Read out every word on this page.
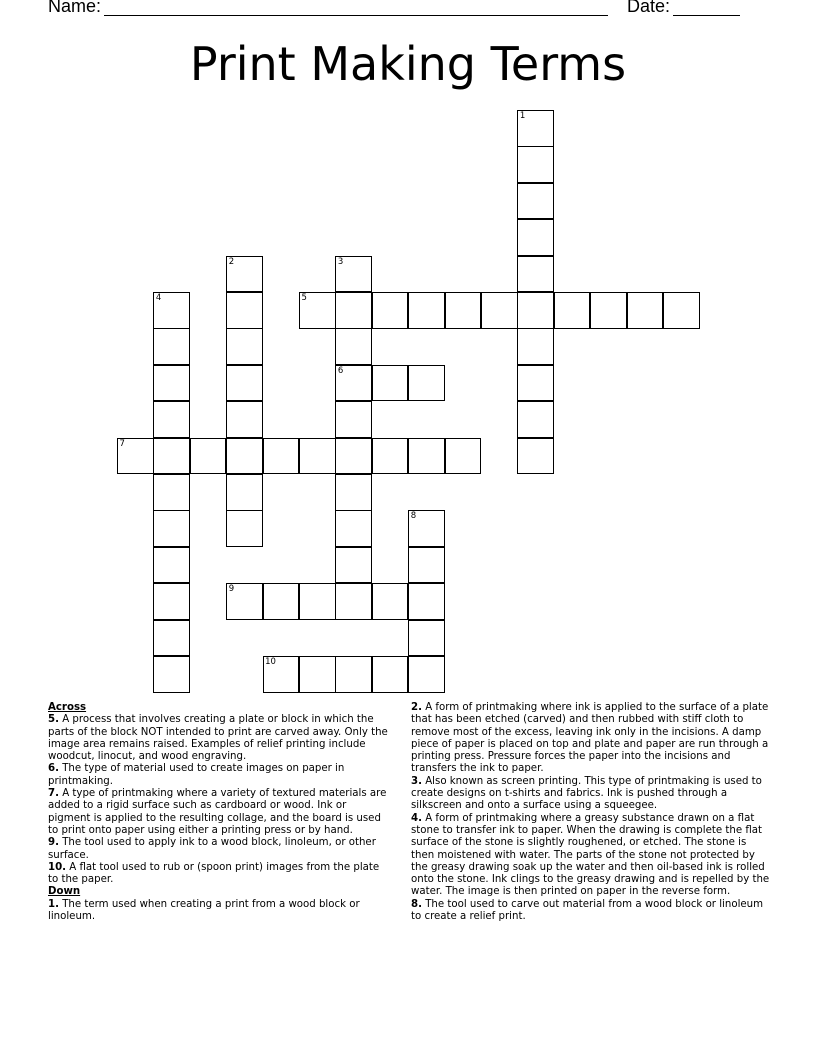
Name:	Date:
Print Making Terms
1
2	3
4	5
6
7
8
9
10
Across
5. A process that involves creating a plate or block in which the parts of the block NOT intended to print are carved away. Only the image area remains raised. Examples of relief printing include woodcut, linocut, and wood engraving.
6. The type of material used to create images on paper in printmaking.
7. A type of printmaking where a variety of textured materials are added to a rigid surface such as cardboard or wood. Ink or pigment is applied to the resulting collage, and the board is used to print onto paper using either a printing press or by hand.
9. The tool used to apply ink to a wood block, linoleum, or other surface.
10. A flat tool used to rub or (spoon print) images from the plate to the paper.
Down
1. The term used when creating a print from a wood block or linoleum.
2. A form of printmaking where ink is applied to the surface of a plate that has been etched (carved) and then rubbed with stiff cloth to remove most of the excess, leaving ink only in the incisions. A damp piece of paper is placed on top and plate and paper are run through a printing press. Pressure forces the paper into the incisions and transfers the ink to paper.
3. Also known as screen printing. This type of printmaking is used to create designs on t-shirts and fabrics. Ink is pushed through a silkscreen and onto a surface using a squeegee.
4. A form of printmaking where a greasy substance drawn on a flat stone to transfer ink to paper. When the drawing is complete the flat surface of the stone is slightly roughened, or etched. The stone is then moistened with water. The parts of the stone not protected by the greasy drawing soak up the water and then oil-based ink is rolled onto the stone. Ink clings to the greasy drawing and is repelled by the water. The image is then printed on paper in the reverse form.
8. The tool used to carve out material from a wood block or linoleum to create a relief print.
